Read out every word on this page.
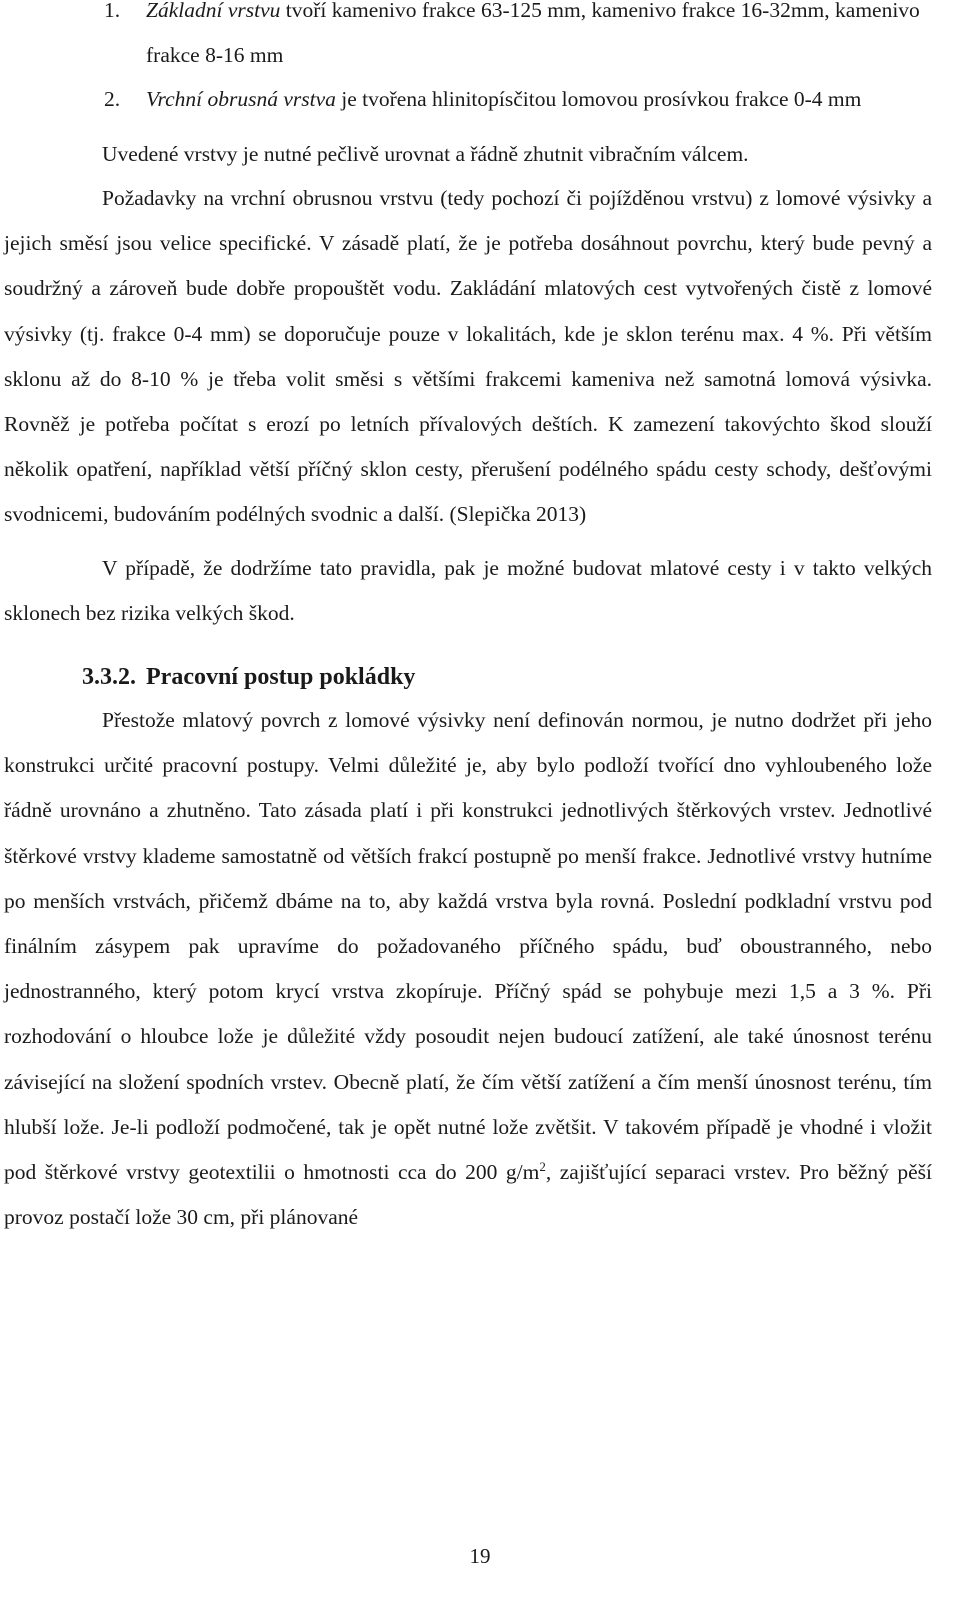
1. Základní vrstvu tvoří kamenivo frakce 63-125 mm, kamenivo frakce 16-32mm, kamenivo frakce 8-16 mm
2. Vrchní obrusná vrstva je tvořena hlinitopísčitou lomovou prosívkou frakce 0-4 mm
Uvedené vrstvy je nutné pečlivě urovnat a řádně zhutnit vibračním válcem.

Požadavky na vrchní obrusnou vrstvu (tedy pochozí či pojížděnou vrstvu) z lomové výsivky a jejich směsí jsou velice specifické. V zásadě platí, že je potřeba dosáhnout povrchu, který bude pevný a soudržný a zároveň bude dobře propouštět vodu. Zakládání mlatových cest vytvořených čistě z lomové výsivky (tj. frakce 0-4 mm) se doporučuje pouze v lokalitách, kde je sklon terénu max. 4 %. Při větším sklonu až do 8-10 % je třeba volit směsi s většími frakcemi kameniva než samotná lomová výsivka. Rovněž je potřeba počítat s erozí po letních přívalových deštích. K zamezení takovýchto škod slouží několik opatření, například větší příčný sklon cesty, přerušení podélného spádu cesty schody, dešťovými svodnicemi, budováním podélných svodnic a další. (Slepička 2013)

V případě, že dodržíme tato pravidla, pak je možné budovat mlatové cesty i v takto velkých sklonech bez rizika velkých škod.

3.3.2. Pracovní postup pokládky

Přestože mlatový povrch z lomové výsivky není definován normou, je nutno dodržet při jeho konstrukci určité pracovní postupy. Velmi důležité je, aby bylo podloží tvořící dno vyhloubeného lože řádně urovnáno a zhutněno. Tato zásada platí i při konstrukci jednotlivých štěrkových vrstev. Jednotlivé štěrkové vrstvy klademe samostatně od větších frakcí postupně po menší frakce. Jednotlivé vrstvy hutníme po menších vrstvách, přičemž dbáme na to, aby každá vrstva byla rovná. Poslední podkladní vrstvu pod finálním zásypem pak upravíme do požadovaného příčného spádu, buď oboustranného, nebo jednostranného, který potom krycí vrstva zkopíruje. Příčný spád se pohybuje mezi 1,5 a 3 %. Při rozhodování o hloubce lože je důležité vždy posoudit nejen budoucí zatížení, ale také únosnost terénu závisející na složení spodních vrstev. Obecně platí, že čím větší zatížení a čím menší únosnost terénu, tím hlubší lože. Je-li podloží podmočené, tak je opět nutné lože zvětšit. V takovém případě je vhodné i vložit pod štěrkové vrstvy geotextilii o hmotnosti cca do 200 $g/m^2$, zajišťující separaci vrstev. Pro běžný pěší provoz postačí lože 30 cm, při plánované

19
